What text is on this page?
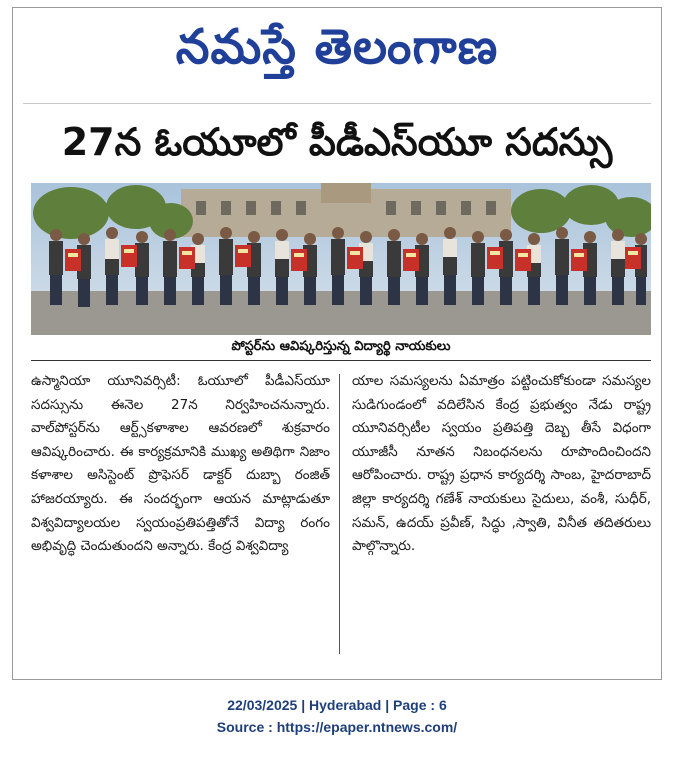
నమస్తే తెలంగాణ
27న ఓయూలో పీడీఎస్‌యూ సదస్సు
పోస్టర్‌ను ఆవిష్కరిస్తున్న విద్యార్థి నాయకులు

ఉస్మానియా యూనివర్సిటీ: ఓయూలో పీడీఎస్‌యూ సదస్సును ఈనెల 27న నిర్వహించనున్నారు. వాల్‌పోస్టర్‌ను ఆర్ట్స్‌కళాశాల ఆవరణలో శుక్రవారం ఆవిష్కరించారు. ఈ కార్యక్రమానికి ముఖ్య అతిథిగా నిజాం కళాశాల అసిస్టెంట్ ప్రొఫెసర్ డాక్టర్ దుబ్బా రంజిత్ హాజరయ్యారు. ఈ సందర్భంగా ఆయన మాట్లాడుతూ విశ్వవిద్యాలయల స్వయంప్రతిపత్తితోనే విద్యా రంగం అభివృద్ధి చెందుతుందని అన్నారు. కేంద్ర విశ్వవిద్యా

యాల సమస్యలను ఏమాత్రం పట్టించుకోకుండా సమస్యల సుడిగుండంలో వదిలేసిన కేంద్ర ప్రభుత్వం నేడు రాష్ట్ర యూనివర్సిటీల స్వయం ప్రతిపత్తి దెబ్బ తీసే విధంగా యూజీసీ నూతన నిబంధనలను రూపొందించిందని ఆరోపించారు. రాష్ట్ర ప్రధాన కార్యదర్శి సాంబ, హైదరాబాద్ జిల్లా కార్యదర్శి గణేశ్ నాయకులు సైదులు, వంశీ, సుధీర్, సమన్, ఉదయ్ ప్రవీణ్, సిద్ధు ,స్వాతి, వినీత తదితరులు పాల్గొన్నారు.

22/03/2025 | Hyderabad | Page : 6
Source : https://epaper.ntnews.com/
